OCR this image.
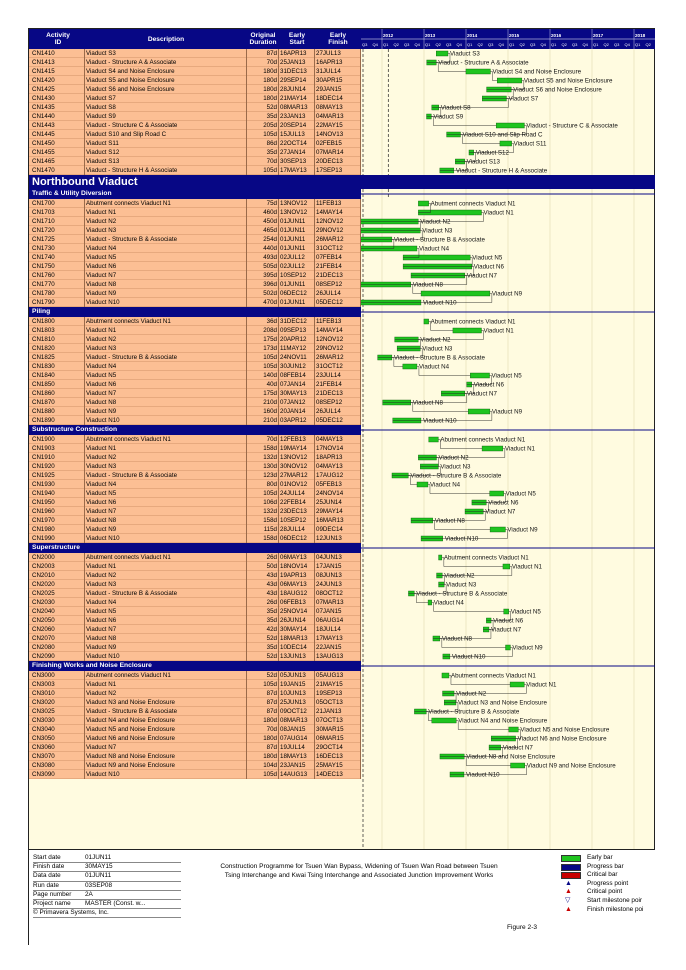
Activity
ID	Description	Original
Duration
Early
Start
Early
Finish
2012	2013	2014	2015	2016	2017	2018
Q3 Q4 Q1 Q2 Q3 Q4 Q1 Q2 Q3 Q4 Q1 Q2 Q3 Q4 Q1 Q2 Q3 Q4 Q1 Q2 Q3 Q4 Q1 Q2 Q3 Q4 Q1 Q2
CN1410	Viaduct S3	87d 16APR13	27JUL13
CN1413	Viaduct - Structure A & Associate	70d 25JAN13	16APR13
CN1415	Viaduct S4 and Noise Enclosure	180d 31DEC13	31JUL14
CN1420	Viaduct S5 and Noise Enclosure	180d 29SEP14	30APR15
CN1425	Viaduct S6 and Noise Enclosure	180d 28JUN14	29JAN15
CN1430	Viaduct S7	180d 21MAY14	18DEC14
CN1435	Viaduct S8	52d 08MAR13	08MAY13
CN1440	Viaduct S9	35d 23JAN13	04MAR13
CN1443	Viaduct - Structure C & Associate	205d 20SEP14	22MAY15
CN1445	Viaduct S10 and Slip Road C	105d 15JUL13	14NOV13
CN1450	Viaduct S11	86d 22OCT14	02FEB15
CN1455	Viaduct S12	35d 27JAN14	07MAR14
CN1465	Viaduct S13	70d 30SEP13	20DEC13
CN1470	Viaduct - Structure H & Associate	105d 17MAY13	17SEP13
Northbound Viaduct
Traffic & Utility Diversion
CN1700	Abutment connects Viaduct N1	75d 13NOV12	11FEB13
CN1703	Viaduct N1	460d 13NOV12	14MAY14
CN1710	Viaduct N2	450d 01JUN11	12NOV12
CN1720	Viaduct N3	465d 01JUN11	29NOV12
CN1725	Viaduct - Structure B & Associate	254d 01JUN11	26MAR12
CN1730	Viaduct N4	440d 01JUN11	31OCT12
CN1740	Viaduct N5	493d 02JUL12	07FEB14
CN1750	Viaduct N6	505d 02JUL12	21FEB14
CN1760	Viaduct N7	395d 10SEP12	21DEC13
CN1770	Viaduct N8	396d 01JUN11	08SEP12
CN1780	Viaduct N9	502d 06DEC12	26JUL14
CN1790	Viaduct N10	470d 01JUN11	05DEC12
Piling
CN1800	Abutment connects Viaduct N1	36d 31DEC12	11FEB13
CN1803	Viaduct N1	208d 09SEP13	14MAY14
CN1810	Viaduct N2	175d 20APR12	12NOV12
CN1820	Viaduct N3	173d 11MAY12	29NOV12
CN1825	Viaduct - Structure B & Associate	105d 24NOV11	26MAR12
CN1830	Viaduct N4	105d 30JUN12	31OCT12
CN1840	Viaduct N5	140d 08FEB14	23JUL14
CN1850	Viaduct N6	40d 07JAN14	21FEB14
CN1860	Viaduct N7	175d 30MAY13	21DEC13
CN1870	Viaduct N8	210d 07JAN12	08SEP12
CN1880	Viaduct N9	160d 20JAN14	26JUL14
CN1890	Viaduct N10	210d 03APR12	05DEC12
Substructure Construction
CN1900	Abutment connects Viaduct N1	70d 12FEB13	04MAY13
CN1903	Viaduct N1	158d 19MAY14	17NOV14
CN1910	Viaduct N2	132d 13NOV12	18APR13
CN1920	Viaduct N3	130d 30NOV12	04MAY13
CN1925	Viaduct - Structure B & Associate	123d 27MAR12	17AUG12
CN1930	Viaduct N4	80d 01NOV12	05FEB13
CN1940	Viaduct N5	105d 24JUL14	24NOV14
CN1950	Viaduct N6	106d 22FEB14	25JUN14
CN1960	Viaduct N7	132d 23DEC13	29MAY14
CN1970	Viaduct N8	158d 10SEP12	16MAR13
CN1980	Viaduct N9	115d 28JUL14	09DEC14
CN1990	Viaduct N10	158d 06DEC12	12JUN13
Superstructure
CN2000	Abutment connects Viaduct N1	26d 06MAY13	04JUN13
CN2003	Viaduct N1	50d 18NOV14	17JAN15
CN2010	Viaduct N2	43d 19APR13	08JUN13
CN2020	Viaduct N3	43d 06MAY13	24JUN13
CN2025	Viaduct - Structure B & Associate	43d 18AUG12	08OCT12
CN2030	Viaduct N4	26d 06FEB13	07MAR13
CN2040	Viaduct N5	35d 25NOV14	07JAN15
CN2050	Viaduct N6	35d 26JUN14	06AUG14
CN2060	Viaduct N7	42d 30MAY14	18JUL14
CN2070	Viaduct N8	52d 18MAR13	17MAY13
CN2080	Viaduct N9	35d 10DEC14	22JAN15
CN2090	Viaduct N10	52d 13JUN13	13AUG13
Finishing Works and Noise Enclosure
CN3000	Abutment connects Viaduct N1	52d 05JUN13	05AUG13
CN3003	Viaduct N1	105d 19JAN15	21MAY15
CN3010	Viaduct N2	87d 10JUN13	19SEP13
CN3020	Viaduct N3 and Noise Enclosure	87d 25JUN13	05OCT13
CN3025	Viaduct - Structure B & Associate	87d 09OCT12	21JAN13
CN3030	Viaduct N4 and Noise Enclosure	180d 08MAR13	07OCT13
CN3040	Viaduct N5 and Noise Enclosure	70d 08JAN15	30MAR15
CN3050	Viaduct N6 and Noise Enclosure	180d 07AUG14	06MAR15
CN3060	Viaduct N7	87d 19JUL14	29OCT14
CN3070	Viaduct N8 and Noise Enclosure	180d 18MAY13	16DEC13
CN3080	Viaduct N9 and Noise Enclosure	104d 23JAN15	25MAY15
CN3090	Viaduct N10	105d 14AUG13	14DEC13
Viaduct S3
Viaduct - Structure A & Associate
Viaduct S4 and Noise Enclosure
Viaduct S5 and Noise Enclosure
Viaduct S6 and Noise Enclosure
Viaduct S7
Viaduct S8
Viaduct S9
Viaduct - Structure C & Associate
Viaduct S10 and Slip Road C
Viaduct S11
Viaduct S12
Viaduct S13
Viaduct - Structure H & Associate
Abutment connects Viaduct N1
Viaduct N1
Viaduct N2
Viaduct N3
Viaduct - Structure B & Associate
Viaduct N4
Viaduct N5
Viaduct N6
Viaduct N7
Viaduct N8
Viaduct N9
Viaduct N10
Abutment connects Viaduct N1
Viaduct N1
Viaduct N2
Viaduct N3
Viaduct - Structure B & Associate
Viaduct N4
Viaduct N5
Viaduct N6
Viaduct N7
Viaduct N8
Viaduct N9
Viaduct N10
Abutment connects Viaduct N1
Viaduct N1
Viaduct N2
Viaduct N3
Viaduct - Structure B & Associate
Viaduct N4
Viaduct N5
Viaduct N6
Viaduct N7
Viaduct N8
Viaduct N9
Viaduct N10
Abutment connects Viaduct N1
Viaduct N1
Viaduct N2
Viaduct N3
Viaduct - Structure B & Associate
Viaduct N4
Viaduct N5
Viaduct N6
Viaduct N7
Viaduct N8
Viaduct N9
Viaduct N10
Abutment connects Viaduct N1
Viaduct N1
Viaduct N2
Viaduct N3 and Noise Enclosure
Viaduct - Structure B & Associate
Viaduct N4 and Noise Enclosure
Viaduct N5 and Noise Enclosure
Viaduct N6 and Noise Enclosure
Viaduct N7
Viaduct N8 and Noise Enclosure
Viaduct N9 and Noise Enclosure
Viaduct N10
Start date	01JUN11
Finish date	30MAY15
Data date	01JUN11
Run date	03SEP08
Page number 2A
Project name MASTER (Const. w...
© Primavera Systems, Inc.
Construction Programme for Tsuen Wan Bypass, Widening of Tsuen Wan Road between Tsuen
Tsing Interchange and Kwai Tsing Interchange and Associated Junction Improvement Works
Figure 2-3
Early bar
Progress bar
Critical bar
▲ Progress point
▲ Critical point
▽	Start milestone poir
▲ Finish milestone poi
